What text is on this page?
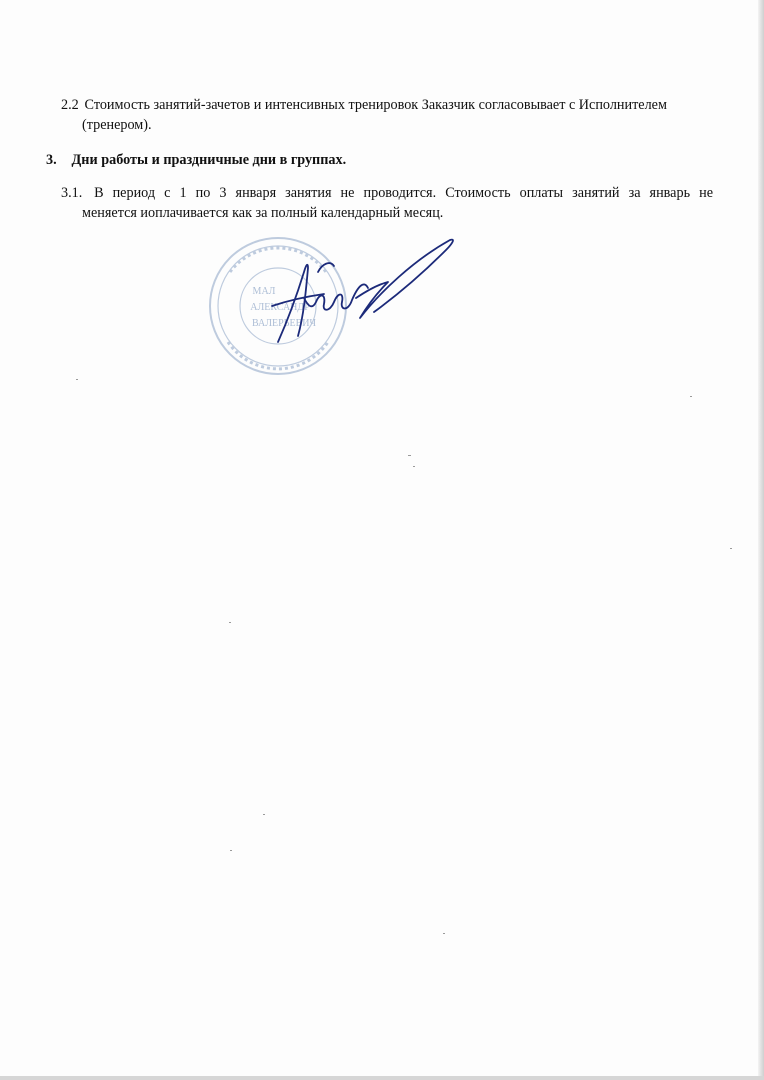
2.2 Стоимость занятий-зачетов и интенсивных тренировок Заказчик согласовывает с Исполнителем
(тренером).

3. Дни работы и праздничные дни в группах.

3.1. В период с 1 по 3 января занятия не проводится. Стоимость оплаты занятий за январь не
меняется иоплачивается как за полный календарный месяц.

МАЛ
АЛЕКСАНДР
ВАЛЕРЬЕВИЧ
